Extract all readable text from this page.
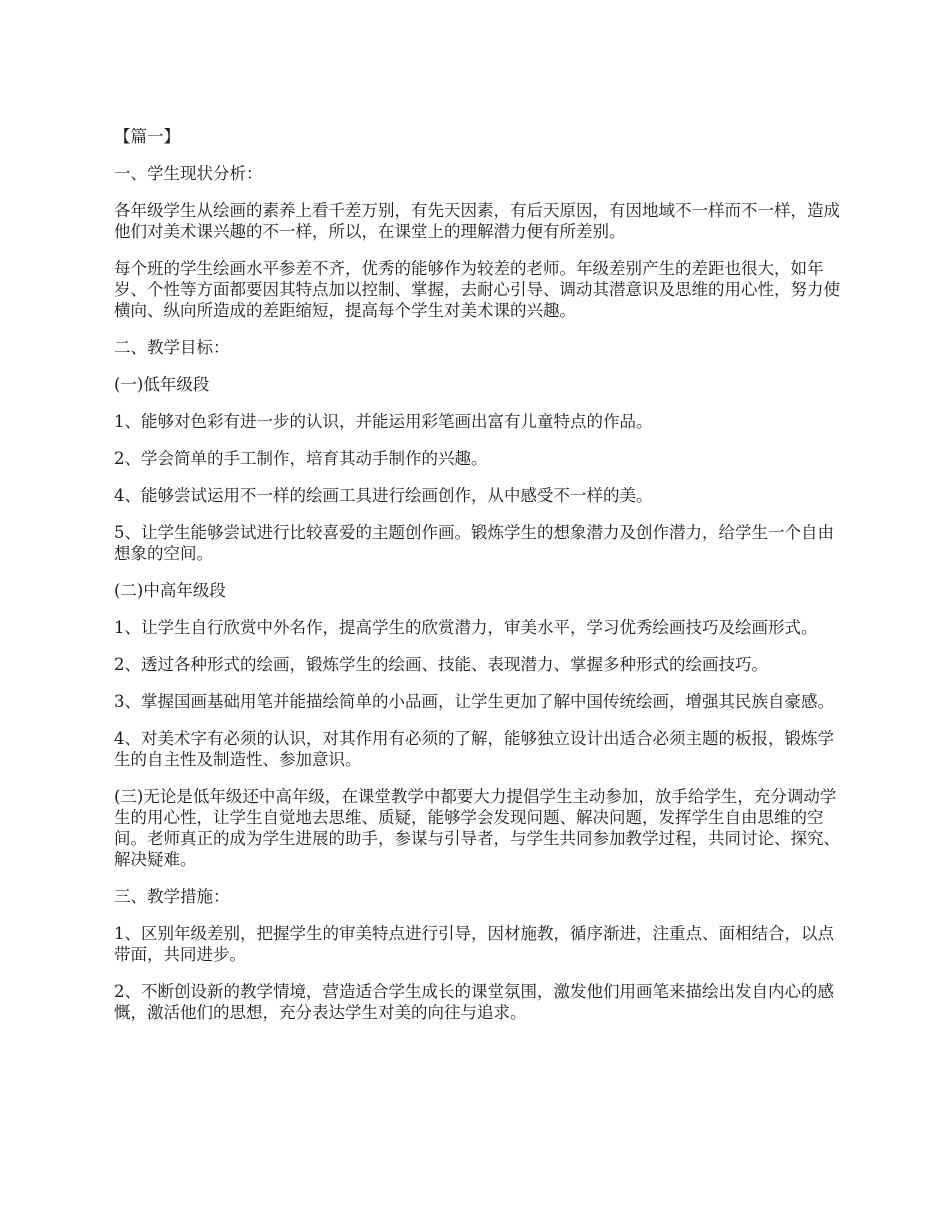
【篇一】

一、学生现状分析：

各年级学生从绘画的素养上看千差万别，有先天因素，有后天原因，有因地域不一样而不一样，造成他们对美术课兴趣的不一样，所以，在课堂上的理解潜力便有所差别。

每个班的学生绘画水平参差不齐，优秀的能够作为较差的老师。年级差别产生的差距也很大，如年岁、个性等方面都要因其特点加以控制、掌握，去耐心引导、调动其潜意识及思维的用心性，努力使横向、纵向所造成的差距缩短，提高每个学生对美术课的兴趣。

二、教学目标：

(一)低年级段

1、能够对色彩有进一步的认识，并能运用彩笔画出富有儿童特点的作品。

2、学会简单的手工制作，培育其动手制作的兴趣。

4、能够尝试运用不一样的绘画工具进行绘画创作，从中感受不一样的美。

5、让学生能够尝试进行比较喜爱的主题创作画。锻炼学生的想象潜力及创作潜力，给学生一个自由想象的空间。

(二)中高年级段

1、让学生自行欣赏中外名作，提高学生的欣赏潜力，审美水平，学习优秀绘画技巧及绘画形式。

2、透过各种形式的绘画，锻炼学生的绘画、技能、表现潜力、掌握多种形式的绘画技巧。

3、掌握国画基础用笔并能描绘简单的小品画，让学生更加了解中国传统绘画，增强其民族自豪感。

4、对美术字有必须的认识，对其作用有必须的了解，能够独立设计出适合必须主题的板报，锻炼学生的自主性及制造性、参加意识。

(三)无论是低年级还中高年级，在课堂教学中都要大力提倡学生主动参加，放手给学生，充分调动学生的用心性，让学生自觉地去思维、质疑，能够学会发现问题、解决问题，发挥学生自由思维的空间。老师真正的成为学生进展的助手，参谋与引导者，与学生共同参加教学过程，共同讨论、探究、解决疑难。

三、教学措施：

1、区别年级差别，把握学生的审美特点进行引导，因材施教，循序渐进，注重点、面相结合，以点带面，共同进步。

2、不断创设新的教学情境，营造适合学生成长的课堂氛围，激发他们用画笔来描绘出发自内心的感慨，激活他们的思想，充分表达学生对美的向往与追求。
